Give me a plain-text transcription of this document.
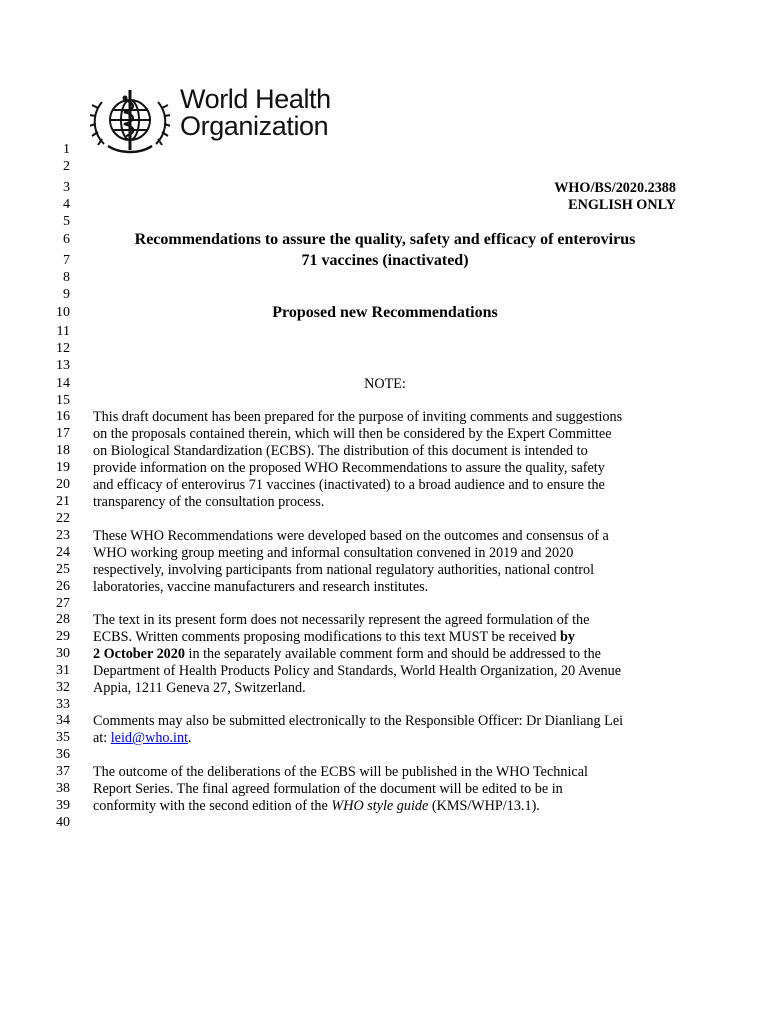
World Health
Organization
1
2
3
4
5
6
7
8
9
10
11
12
13
14
15
16
17
18
19
20
21
22
23
24
25
26
27
28
29
30
31
32
33
34
35
36
37
38
39
40
WHO/BS/2020.2388
ENGLISH ONLY
Recommendations to assure the quality, safety and efficacy of enterovirus
71 vaccines (inactivated)
Proposed new Recommendations
NOTE:
This draft document has been prepared for the purpose of inviting comments and suggestions
on the proposals contained therein, which will then be considered by the Expert Committee
on Biological Standardization (ECBS). The distribution of this document is intended to
provide information on the proposed WHO Recommendations to assure the quality, safety
and efficacy of enterovirus 71 vaccines (inactivated) to a broad audience and to ensure the
transparency of the consultation process.
These WHO Recommendations were developed based on the outcomes and consensus of a
WHO working group meeting and informal consultation convened in 2019 and 2020
respectively, involving participants from national regulatory authorities, national control
laboratories, vaccine manufacturers and research institutes.
The text in its present form does not necessarily represent the agreed formulation of the
ECBS. Written comments proposing modifications to this text MUST be received by
2 October 2020 in the separately available comment form and should be addressed to the
Department of Health Products Policy and Standards, World Health Organization, 20 Avenue
Appia, 1211 Geneva 27, Switzerland.
Comments may also be submitted electronically to the Responsible Officer: Dr Dianliang Lei
at: leid@who.int.
The outcome of the deliberations of the ECBS will be published in the WHO Technical
Report Series. The final agreed formulation of the document will be edited to be in
conformity with the second edition of the WHO style guide (KMS/WHP/13.1).
